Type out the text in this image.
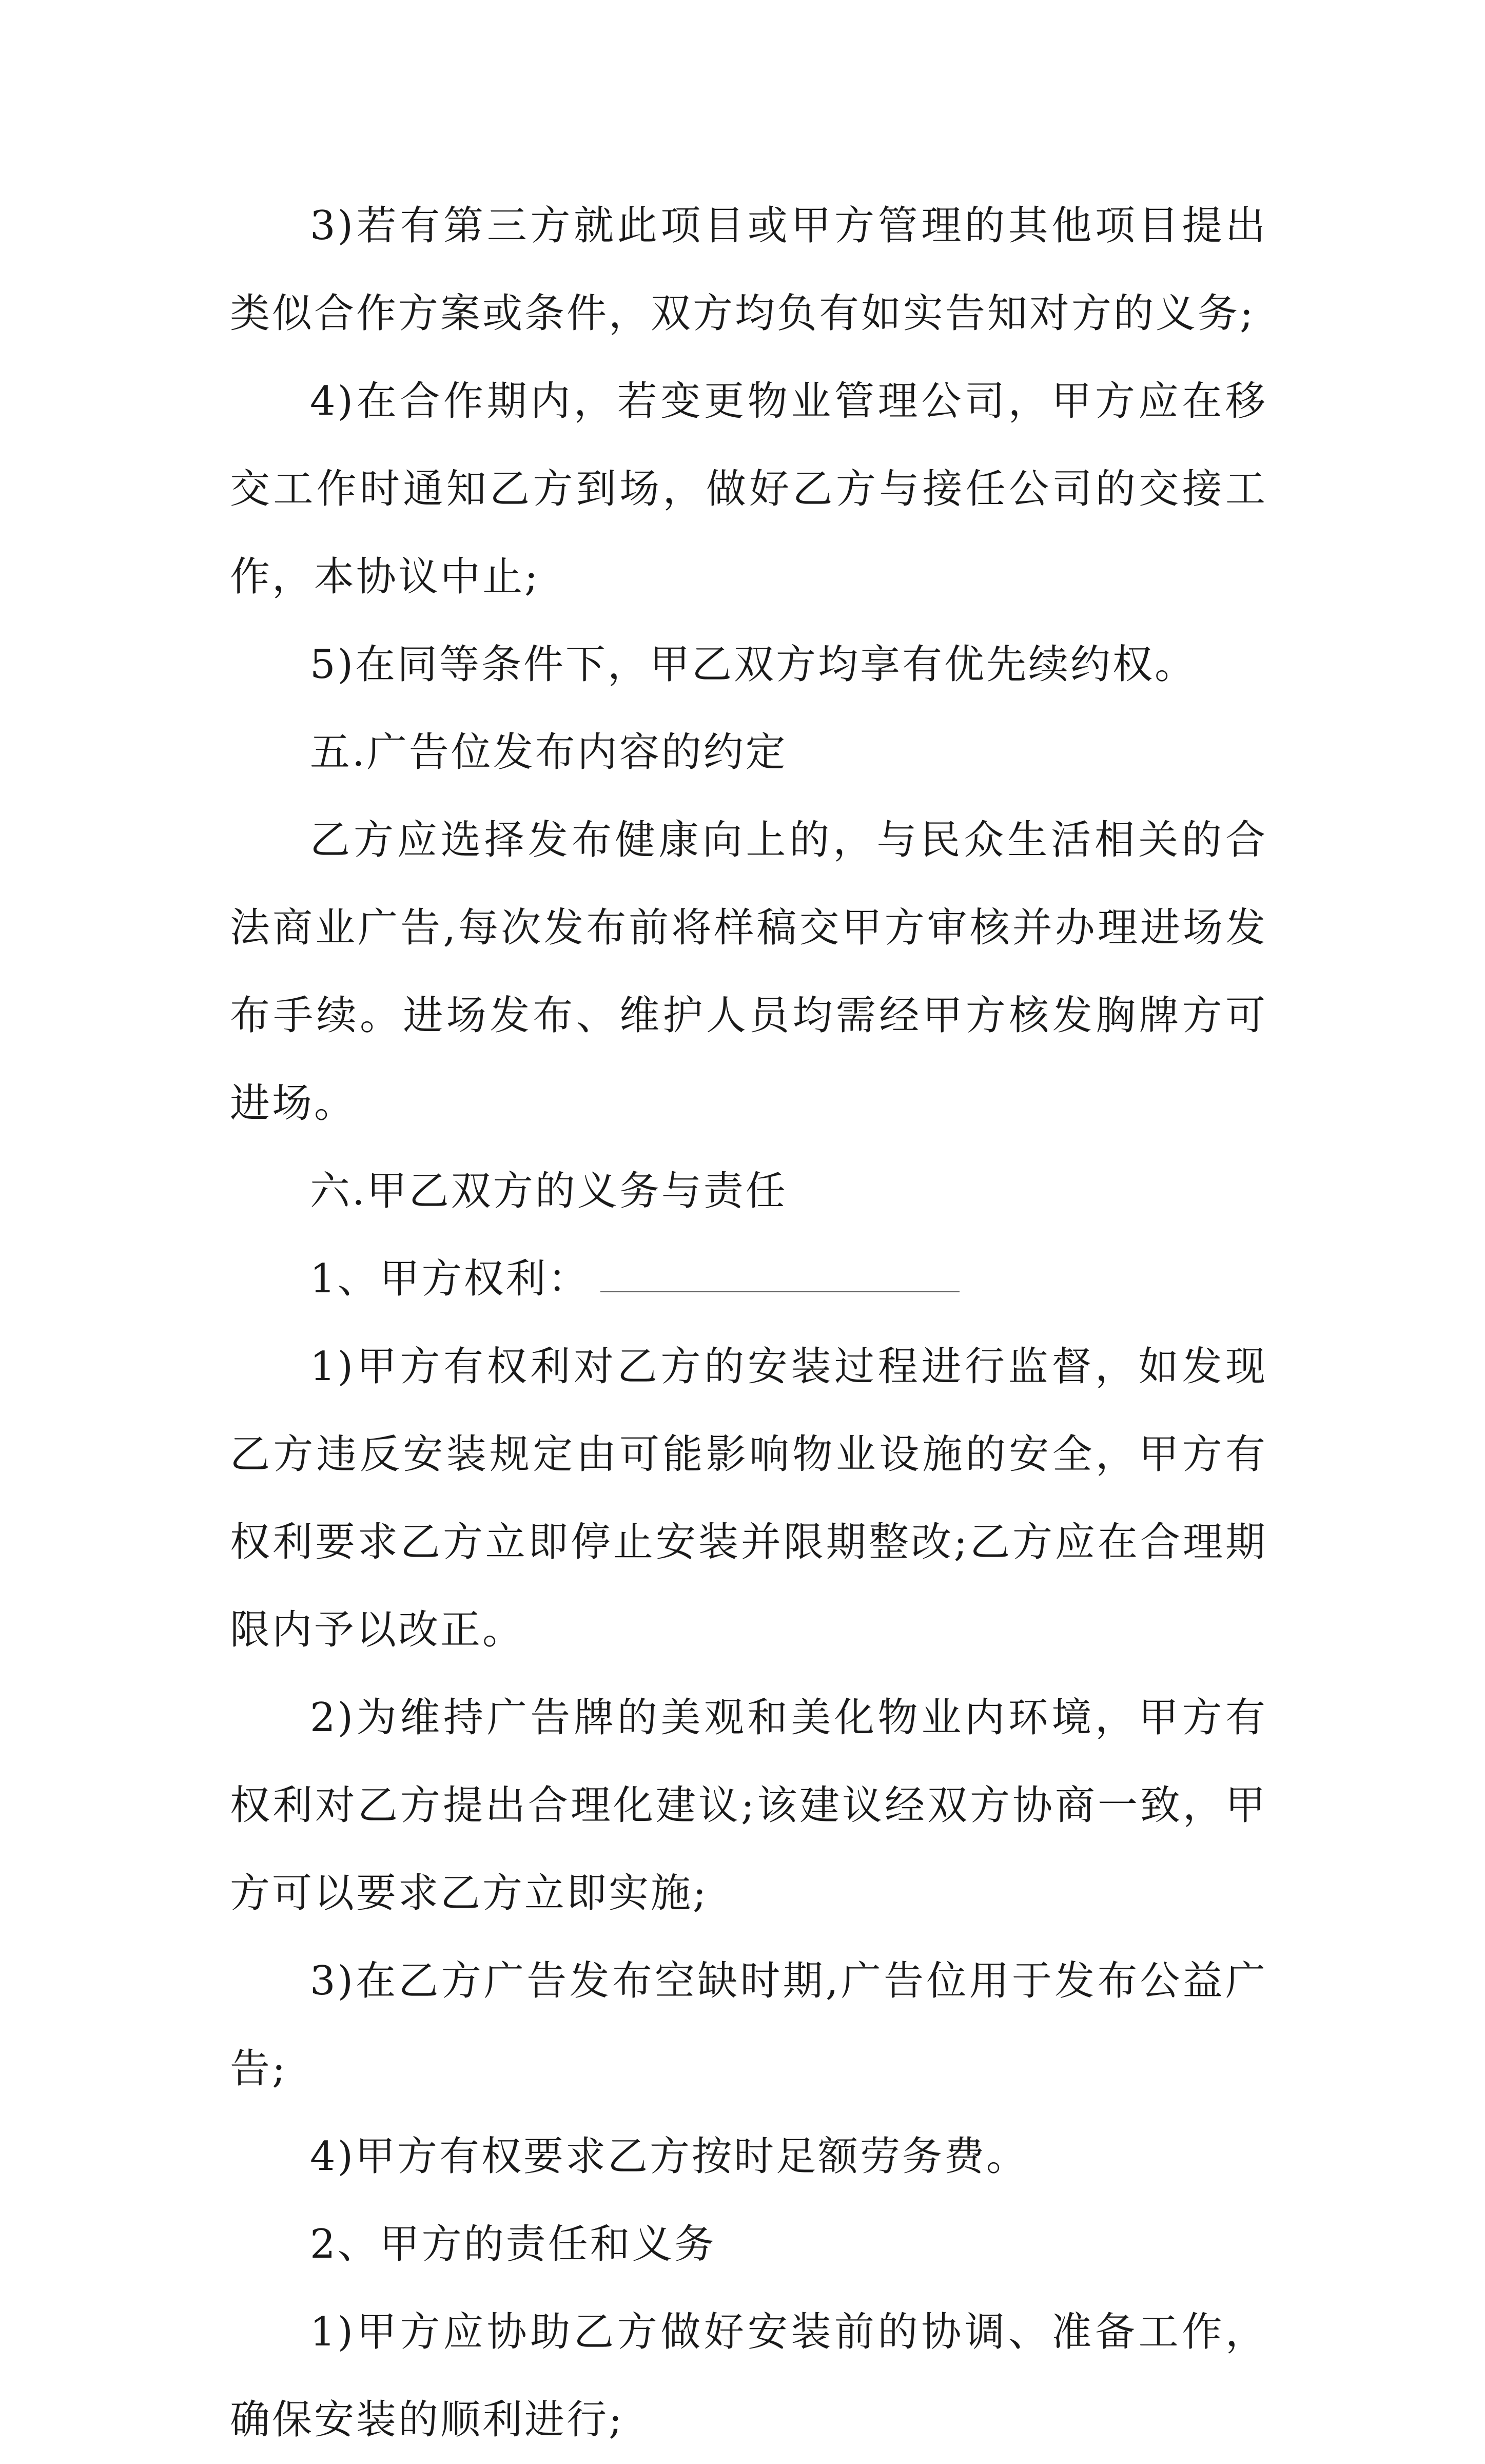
3)若有第三方就此项目或甲方管理的其他项目提出类似合作方案或条件，双方均负有如实告知对方的义务;

4)在合作期内，若变更物业管理公司，甲方应在移交工作时通知乙方到场，做好乙方与接任公司的交接工作，本协议中止;

5)在同等条件下，甲乙双方均享有优先续约权。

五.广告位发布内容的约定

乙方应选择发布健康向上的，与民众生活相关的合法商业广告,每次发布前将样稿交甲方审核并办理进场发布手续。进场发布、维护人员均需经甲方核发胸牌方可进场。

六.甲乙双方的义务与责任

1、甲方权利：

1)甲方有权利对乙方的安装过程进行监督，如发现乙方违反安装规定由可能影响物业设施的安全，甲方有权利要求乙方立即停止安装并限期整改;乙方应在合理期限内予以改正。

2)为维持广告牌的美观和美化物业内环境，甲方有权利对乙方提出合理化建议;该建议经双方协商一致，甲方可以要求乙方立即实施;

3)在乙方广告发布空缺时期,广告位用于发布公益广告;

4)甲方有权要求乙方按时足额劳务费。

2、甲方的责任和义务

1)甲方应协助乙方做好安装前的协调、准备工作，确保安装的顺利进行;
